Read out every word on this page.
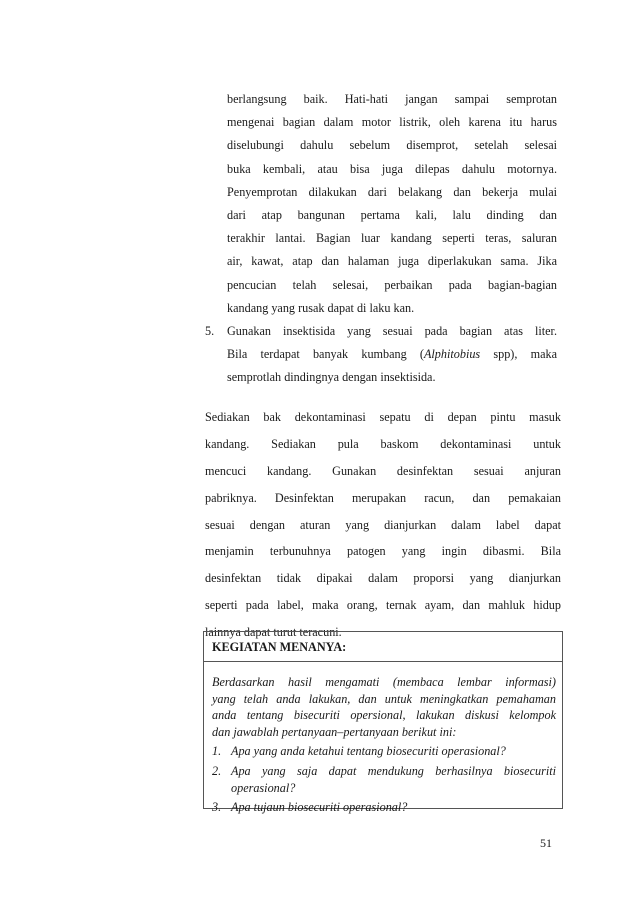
berlangsung baik. Hati-hati jangan sampai semprotan
mengenai bagian dalam motor listrik, oleh karena itu harus
diselubungi dahulu sebelum disemprot, setelah selesai
buka kembali, atau bisa juga dilepas dahulu motornya.
Penyemprotan dilakukan dari belakang dan bekerja mulai
dari atap bangunan pertama kali, lalu dinding dan
terakhir lantai. Bagian luar kandang seperti teras, saluran
air, kawat, atap dan halaman juga diperlakukan sama. Jika
pencucian telah selesai, perbaikan pada bagian-bagian
kandang yang rusak dapat di laku kan.
5. Gunakan insektisida yang sesuai pada bagian atas liter.
Bila terdapat banyak kumbang (Alphitobius spp), maka
semprotlah dindingnya dengan insektisida.
Sediakan bak dekontaminasi sepatu di depan pintu masuk
kandang. Sediakan pula baskom dekontaminasi untuk
mencuci kandang. Gunakan desinfektan sesuai anjuran
pabriknya. Desinfektan merupakan racun, dan pemakaian
sesuai dengan aturan yang dianjurkan dalam label dapat
menjamin terbunuhnya patogen yang ingin dibasmi. Bila
desinfektan tidak dipakai dalam proporsi yang dianjurkan
seperti pada label, maka orang, ternak ayam, dan mahluk hidup
lainnya dapat turut teracuni.
KEGIATAN MENANYA:
Berdasarkan hasil mengamati (membaca lembar informasi)
yang telah anda lakukan, dan untuk meningkatkan pemahaman
anda tentang bisecuriti opersional, lakukan diskusi kelompok
dan jawablah pertanyaan–pertanyaan berikut ini:
1. Apa yang anda ketahui tentang biosecuriti operasional?
2. Apa yang saja dapat mendukung berhasilnya biosecuriti
operasional?
3. Apa tujaun biosecuriti operasional?
51
